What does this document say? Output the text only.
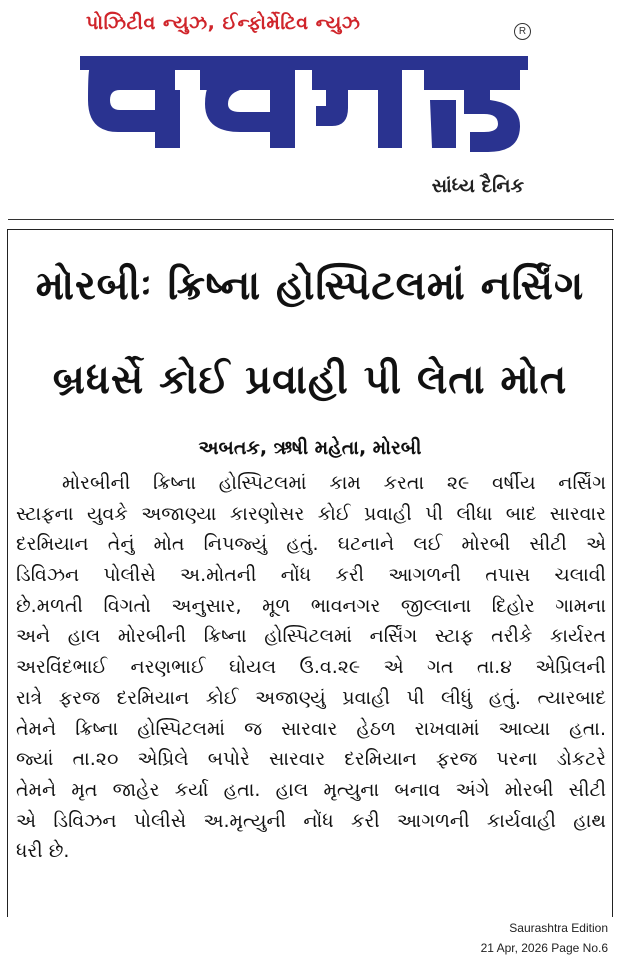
પોઝિટીવ ન્યુઝ, ઈન્ફોર્મેટિવ ન્યુઝ
અબતક	R
સાંધ્ય દૈનિક
મોરબીઃ ક્રિષ્ના હોસ્પિટલમાં નર્સિંગ
બ્રધર્સે કોઈ પ્રવાહી પી લેતા મોત
અબતક, ઋષી મહેતા, મોરબી
મોરબીની ક્રિષ્ના હોસ્પિટલમાં કામ કરતા ૨૯ વર્ષીય નર્સિંગ
સ્ટાફના યુવકે અજાણ્યા કારણોસર કોઈ પ્રવાહી પી લીધા બાદ સારવાર
દરમિયાન તેનું મોત નિપજ્યું હતું. ઘટનાને લઈ મોરબી સીટી એ
ડિવિઝન પોલીસે અ.મોતની નોંધ કરી આગળની તપાસ ચલાવી
છે.મળતી વિગતો અનુસાર, મૂળ ભાવનગર જીલ્લાના દિહોર ગામના
અને હાલ મોરબીની ક્રિષ્ના હોસ્પિટલમાં નર્સિંગ સ્ટાફ તરીકે કાર્યરત
અરવિંદભાઈ નરણભાઈ ઘોયલ ઉ.વ.૨૯ એ ગત તા.૪ એપ્રિલની
રાત્રે ફરજ દરમિયાન કોઈ અજાણ્યું પ્રવાહી પી લીધું હતું. ત્યારબાદ
તેમને ક્રિષ્ના હોસ્પિટલમાં જ સારવાર હેઠળ રાખવામાં આવ્યા હતા.
જ્યાં તા.૨૦ એપ્રિલે બપોરે સારવાર દરમિયાન ફરજ પરના ડોકટરે
તેમને મૃત જાહેર કર્યા હતા. હાલ મૃત્યુના બનાવ અંગે મોરબી સીટી
એ ડિવિઝન પોલીસે અ.મૃત્યુની નોંધ કરી આગળની કાર્યવાહી હાથ
ધરી છે.
Saurashtra Edition
21 Apr, 2026 Page No.6
